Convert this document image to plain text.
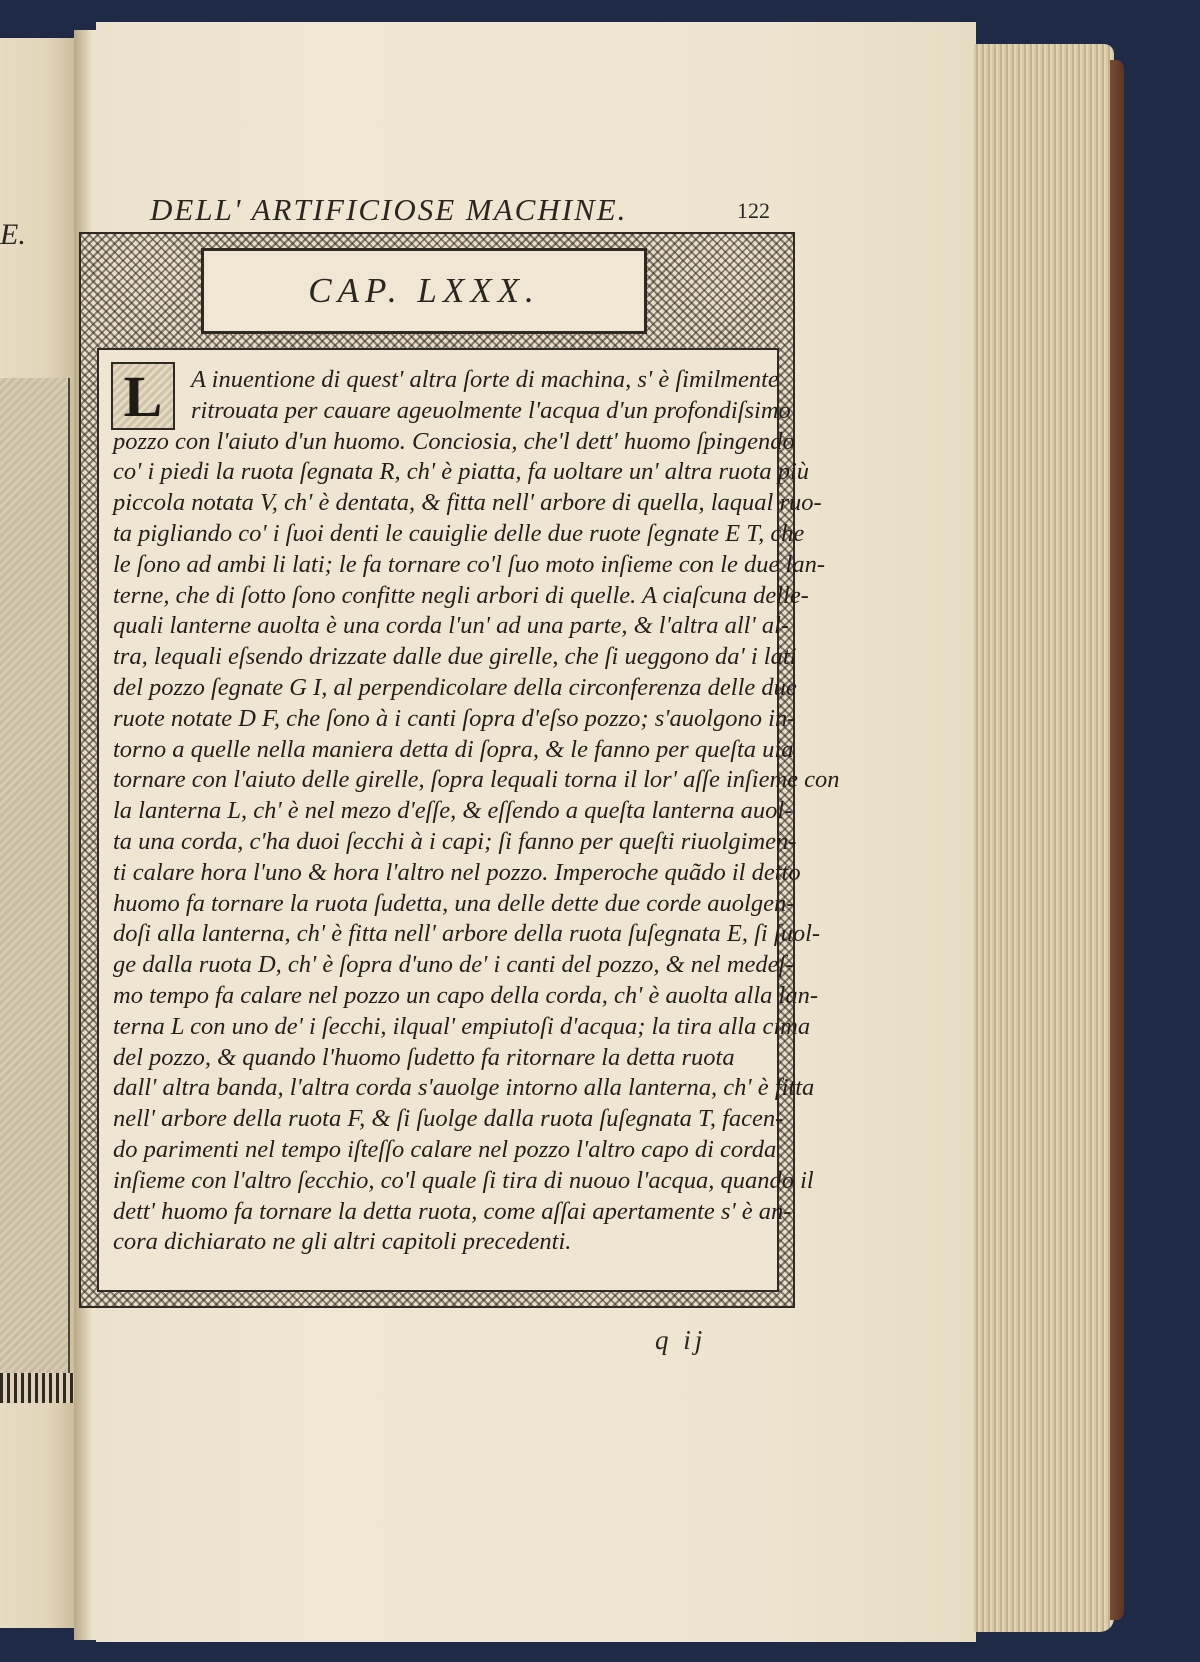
E.
DELL' ARTIFICIOSE MACHINE.	122
CAP. LXXX.
L	A inuentione di quest' altra ſorte di machina, s' è ſimilmente
ritrouata per cauare ageuolmente l'acqua d'un profondiſsimo
pozzo con l'aiuto d'un huomo. Conciosia, che'l dett' huomo ſpingendo
co' i piedi la ruota ſegnata R, ch' è piatta, fa uoltare un' altra ruota più
piccola notata V, ch' è dentata, & fitta nell' arbore di quella, laqual ruo-
ta pigliando co' i ſuoi denti le cauiglie delle due ruote ſegnate E T, che
le ſono ad ambi li lati; le fa tornare co'l ſuo moto inſieme con le due lan-
terne, che di ſotto ſono confitte negli arbori di quelle. A ciaſcuna delle-
quali lanterne auolta è una corda l'un' ad una parte, & l'altra all' al-
tra, lequali eſsendo drizzate dalle due girelle, che ſi ueggono da' i lati
del pozzo ſegnate G I, al perpendicolare della circonferenza delle due
ruote notate D F, che ſono à i canti ſopra d'eſso pozzo; s'auolgono in-
torno a quelle nella maniera detta di ſopra, & le fanno per queſta uia
tornare con l'aiuto delle girelle, ſopra lequali torna il lor' aſſe inſieme con
la lanterna L, ch' è nel mezo d'eſſe, & eſſendo a queſta lanterna auol-
ta una corda, c'ha duoi ſecchi à i capi; ſi fanno per queſti riuolgimen-
ti calare hora l'uno & hora l'altro nel pozzo. Imperoche quãdo il detto
huomo fa tornare la ruota ſudetta, una delle dette due corde auolgen-
doſi alla lanterna, ch' è fitta nell' arbore della ruota ſuſegnata E, ſi ſuol-
ge dalla ruota D, ch' è ſopra d'uno de' i canti del pozzo, & nel medeſ-
mo tempo fa calare nel pozzo un capo della corda, ch' è auolta alla lan-
terna L con uno de' i ſecchi, ilqual' empiutoſi d'acqua; la tira alla cima
del pozzo, & quando l'huomo ſudetto fa ritornare la detta ruota
dall' altra banda, l'altra corda s'auolge intorno alla lanterna, ch' è fitta
nell' arbore della ruota F, & ſi ſuolge dalla ruota ſuſegnata T, facen-
do parimenti nel tempo iſteſſo calare nel pozzo l'altro capo di corda
inſieme con l'altro ſecchio, co'l quale ſi tira di nuouo l'acqua, quando il
dett' huomo fa tornare la detta ruota, come aſſai apertamente s' è an-
cora dichiarato ne gli altri capitoli precedenti.
q ij
